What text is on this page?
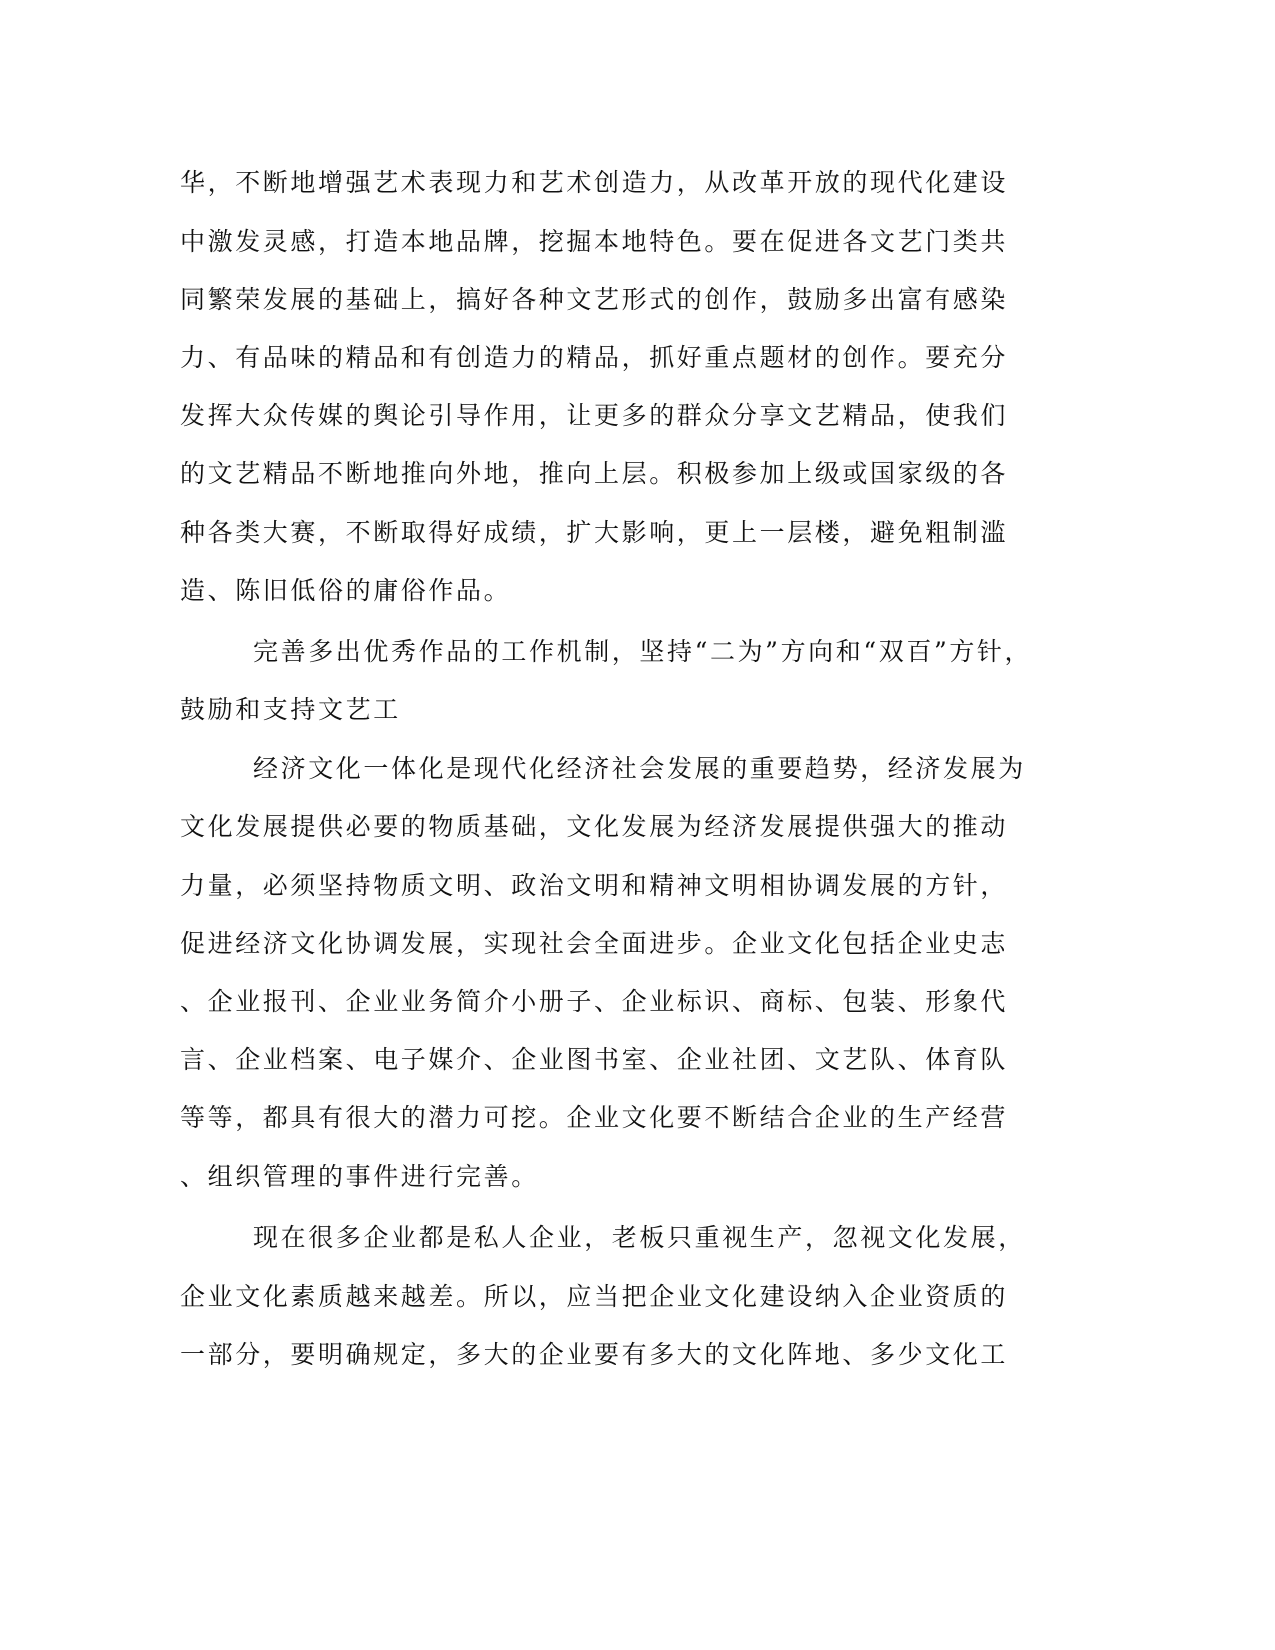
华，不断地增强艺术表现力和艺术创造力，从改革开放的现代化建设
中激发灵感，打造本地品牌，挖掘本地特色。要在促进各文艺门类共
同繁荣发展的基础上，搞好各种文艺形式的创作，鼓励多出富有感染
力、有品味的精品和有创造力的精品，抓好重点题材的创作。要充分
发挥大众传媒的舆论引导作用，让更多的群众分享文艺精品，使我们
的文艺精品不断地推向外地，推向上层。积极参加上级或国家级的各
种各类大赛，不断取得好成绩，扩大影响，更上一层楼，避免粗制滥
造、陈旧低俗的庸俗作品。
完善多出优秀作品的工作机制，坚持“二为”方向和“双百”方针，
鼓励和支持文艺工
经济文化一体化是现代化经济社会发展的重要趋势，经济发展为
文化发展提供必要的物质基础，文化发展为经济发展提供强大的推动
力量，必须坚持物质文明、政治文明和精神文明相协调发展的方针，
促进经济文化协调发展，实现社会全面进步。企业文化包括企业史志
、企业报刊、企业业务简介小册子、企业标识、商标、包装、形象代
言、企业档案、电子媒介、企业图书室、企业社团、文艺队、体育队
等等，都具有很大的潜力可挖。企业文化要不断结合企业的生产经营
、组织管理的事件进行完善。
现在很多企业都是私人企业，老板只重视生产，忽视文化发展，
企业文化素质越来越差。所以，应当把企业文化建设纳入企业资质的
一部分，要明确规定，多大的企业要有多大的文化阵地、多少文化工
